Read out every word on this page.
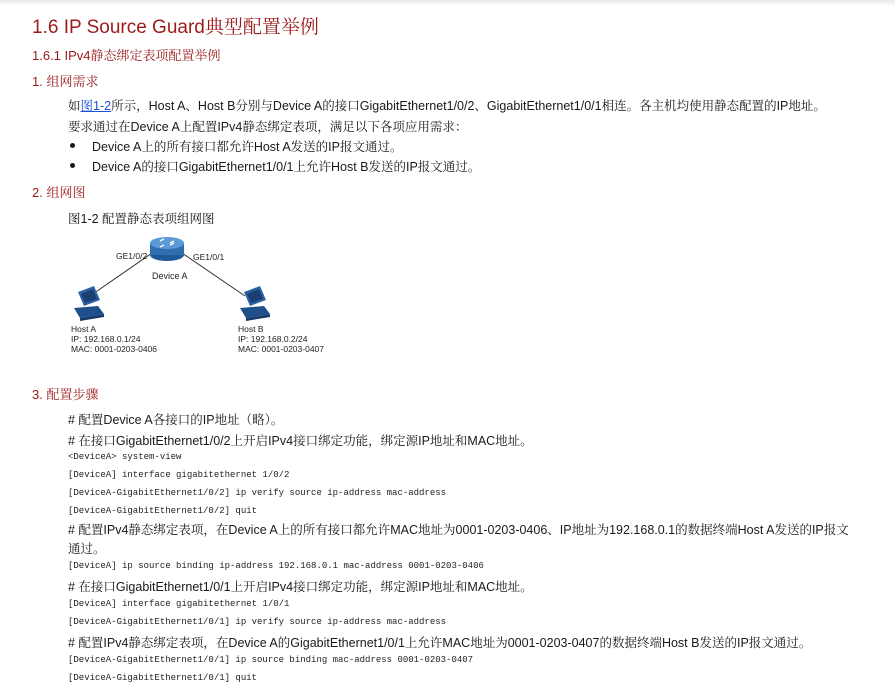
1.6 IP Source Guard典型配置举例
1.6.1 IPv4静态绑定表项配置举例
1. 组网需求
如图1-2所示，Host A、Host B分别与Device A的接口GigabitEthernet1/0/2、GigabitEthernet1/0/1相连。各主机均使用静态配置的IP地址。
要求通过在Device A上配置IPv4静态绑定表项，满足以下各项应用需求：
Device A上的所有接口都允许Host A发送的IP报文通过。
Device A的接口GigabitEthernet1/0/1上允许Host B发送的IP报文通过。
2. 组网图
图1-2 配置静态表项组网图
GE1/0/2	GE1/0/1
Device A
Host A
IP: 192.168.0.1/24
MAC: 0001-0203-0406
Host B
IP: 192.168.0.2/24
MAC: 0001-0203-0407
3. 配置步骤
# 配置Device A各接口的IP地址（略）。
# 在接口GigabitEthernet1/0/2上开启IPv4接口绑定功能，绑定源IP地址和MAC地址。
<DeviceA> system-view
[DeviceA] interface gigabitethernet 1/0/2
[DeviceA-GigabitEthernet1/0/2] ip verify source ip-address mac-address
[DeviceA-GigabitEthernet1/0/2] quit
# 配置IPv4静态绑定表项，在Device A上的所有接口都允许MAC地址为0001-0203-0406、IP地址为192.168.0.1的数据终端Host A发送的IP报文
通过。
[DeviceA] ip source binding ip-address 192.168.0.1 mac-address 0001-0203-0406
# 在接口GigabitEthernet1/0/1上开启IPv4接口绑定功能，绑定源IP地址和MAC地址。
[DeviceA] interface gigabitethernet 1/0/1
[DeviceA-GigabitEthernet1/0/1] ip verify source ip-address mac-address
# 配置IPv4静态绑定表项，在Device A的GigabitEthernet1/0/1上允许MAC地址为0001-0203-0407的数据终端Host B发送的IP报文通过。
[DeviceA-GigabitEthernet1/0/1] ip source binding mac-address 0001-0203-0407
[DeviceA-GigabitEthernet1/0/1] quit
